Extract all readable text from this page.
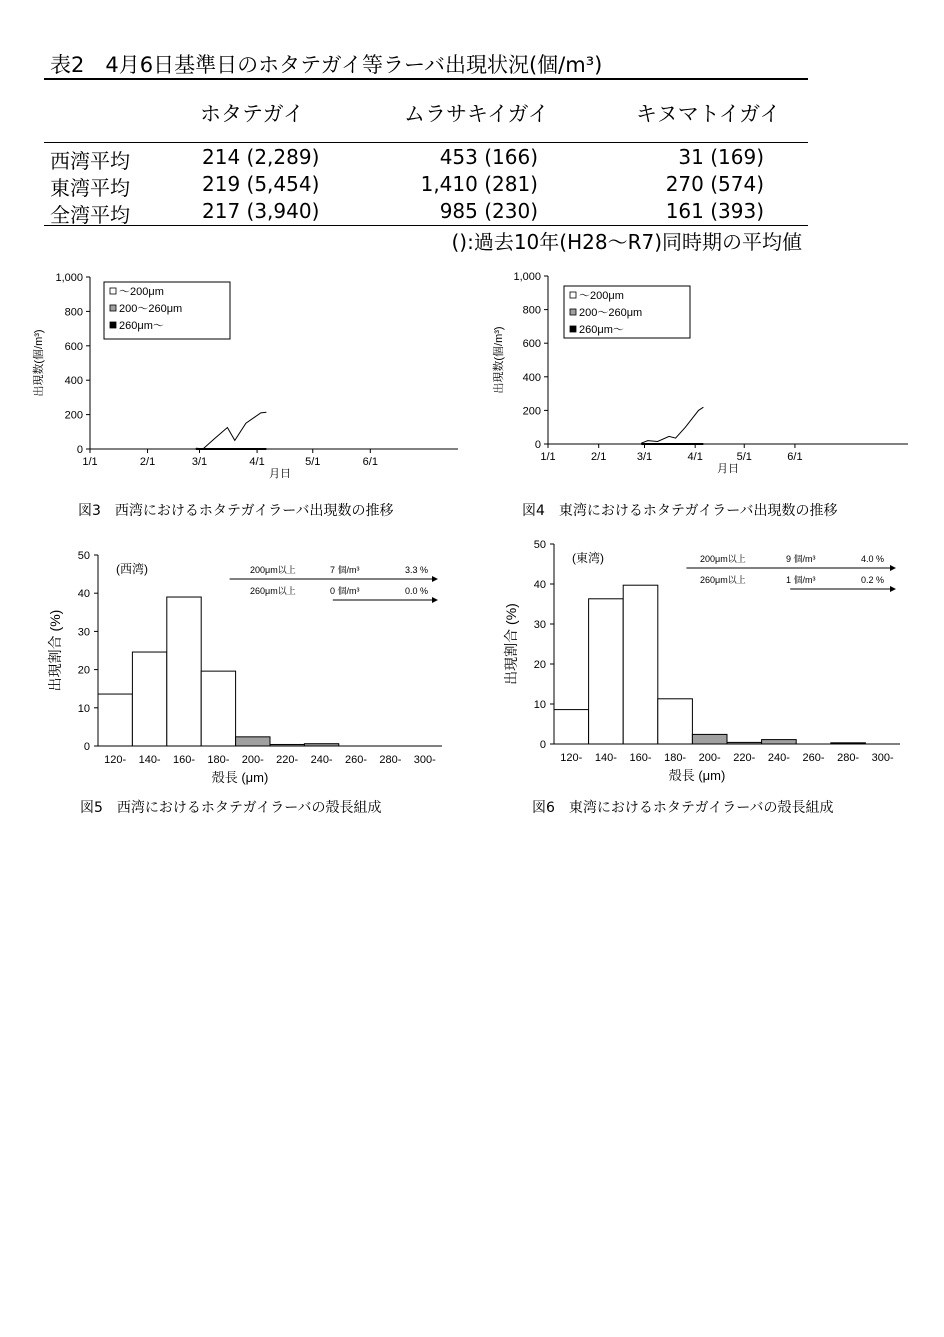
表2　4月6日基準日のホタテガイ等ラーバ出現状況(個/m³)
ホタテガイ	ムラサキイガイ	キヌマトイガイ
西湾平均	214 (2,289)	453 (166)	31 (169)
東湾平均	219 (5,454)	1,410 (281)	270 (574)
全湾平均	217 (3,940)	985 (230)	161 (393)
():過去10年(H28〜R7)同時期の平均値
0
200
400
600
800
1,000
1/1	2/1	3/1	4/1	5/1	6/1
月日
出現数(個/m³)
〜200μm
200〜260μm
260μm〜
図3　西湾におけるホタテガイラーバ出現数の推移
0
200
400
600
800
1,000
1/1	2/1	3/1	4/1	5/1	6/1
月日
出現数(個/m³)
〜200μm
200〜260μm
260μm〜
図4　東湾におけるホタテガイラーバ出現数の推移
0
10
20
30
40
50
120- 140- 160- 180- 200- 220- 240- 260- 280- 300-
殻長 (μm)
出現割合 (%)
(西湾)	200μm以上	7 個/m³	3.3 %
260μm以上	0 個/m³	0.0 %
図5　西湾におけるホタテガイラーバの殻長組成
0
10
20
30
40
50
120- 140- 160- 180- 200- 220- 240- 260- 280- 300-
殻長 (μm)
出現割合 (%)
(東湾)	200μm以上	9 個/m³	4.0 %
260μm以上	1 個/m³	0.2 %
図6　東湾におけるホタテガイラーバの殻長組成
